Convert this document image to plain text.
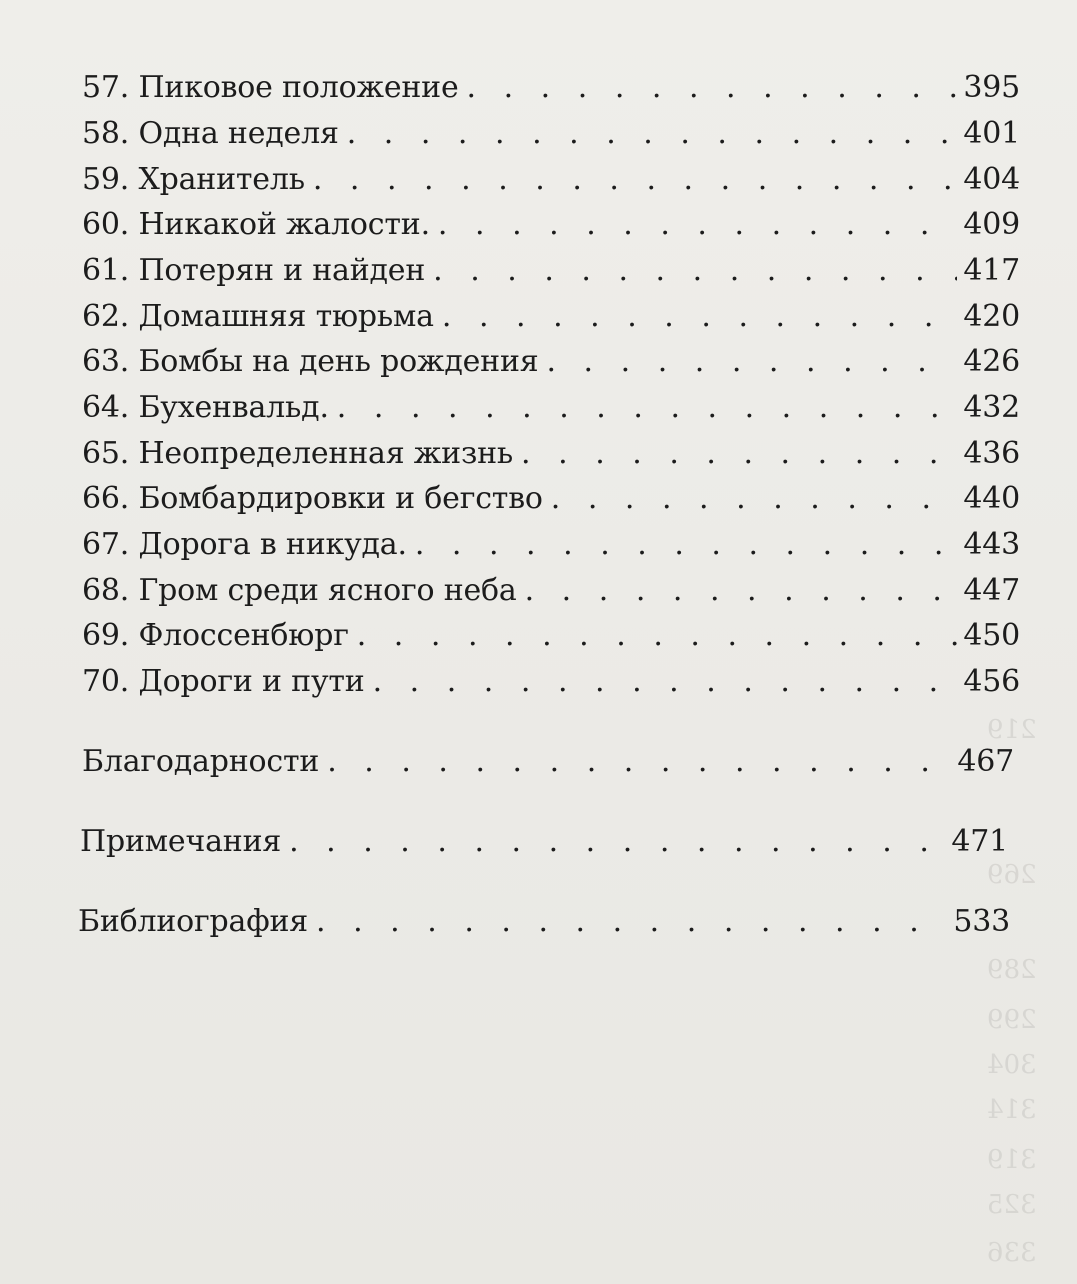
219
269
289
299
304
314
319
325
336
57. Пиковое положение . . .	395
58. Одна неделя . . .	401
59. Хранитель . . .	404
60. Никакой жалости. . . .	409
61. Потерян и найден . . .	417
62. Домашняя тюрьма . . .	420
63. Бомбы на день рождения . . .	426
64. Бухенвальд. . . .	432
65. Неопределенная жизнь . . .	436
66. Бомбардировки и бегство . . .	440
67. Дорога в никуда. . . .	443
68. Гром среди ясного неба . . .	447
69. Флоссенбюрг . . .	450
70. Дороги и пути . . .	456
Благодарности . . .	467
Примечания . . .	471
Библиография . . .	533
